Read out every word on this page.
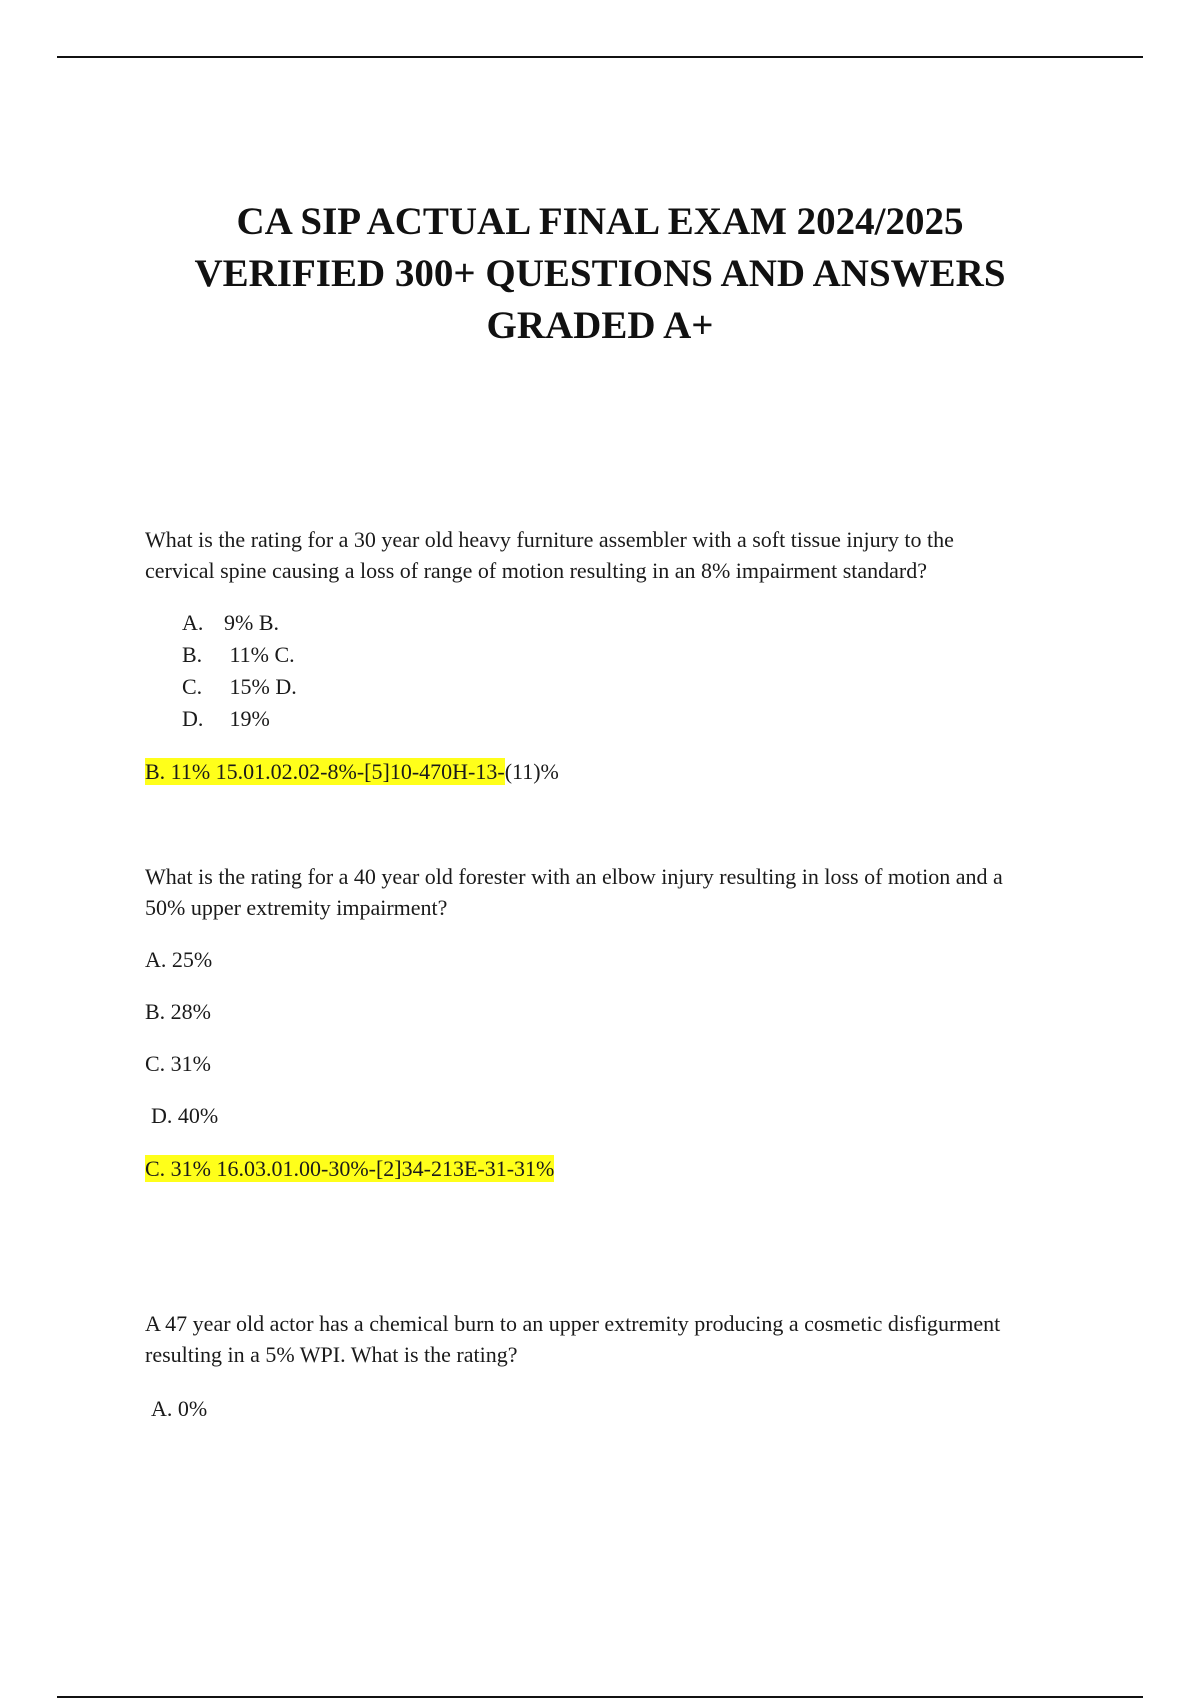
CA SIP ACTUAL FINAL EXAM 2024/2025
VERIFIED 300+ QUESTIONS AND ANSWERS
GRADED A+
What is the rating for a 30 year old heavy furniture assembler with a soft tissue injury to the
cervical spine causing a loss of range of motion resulting in an 8% impairment standard?
A. 9% B.
B. 11% C.
C. 15% D.
D. 19%
B. 11% 15.01.02.02-8%-[5]10-470H-13-(11)%
What is the rating for a 40 year old forester with an elbow injury resulting in loss of motion and a
50% upper extremity impairment?
A. 25%
B. 28%
C. 31%
D. 40%
C. 31% 16.03.01.00-30%-[2]34-213E-31-31%
A 47 year old actor has a chemical burn to an upper extremity producing a cosmetic disfigurment
resulting in a 5% WPI. What is the rating?
A. 0%
